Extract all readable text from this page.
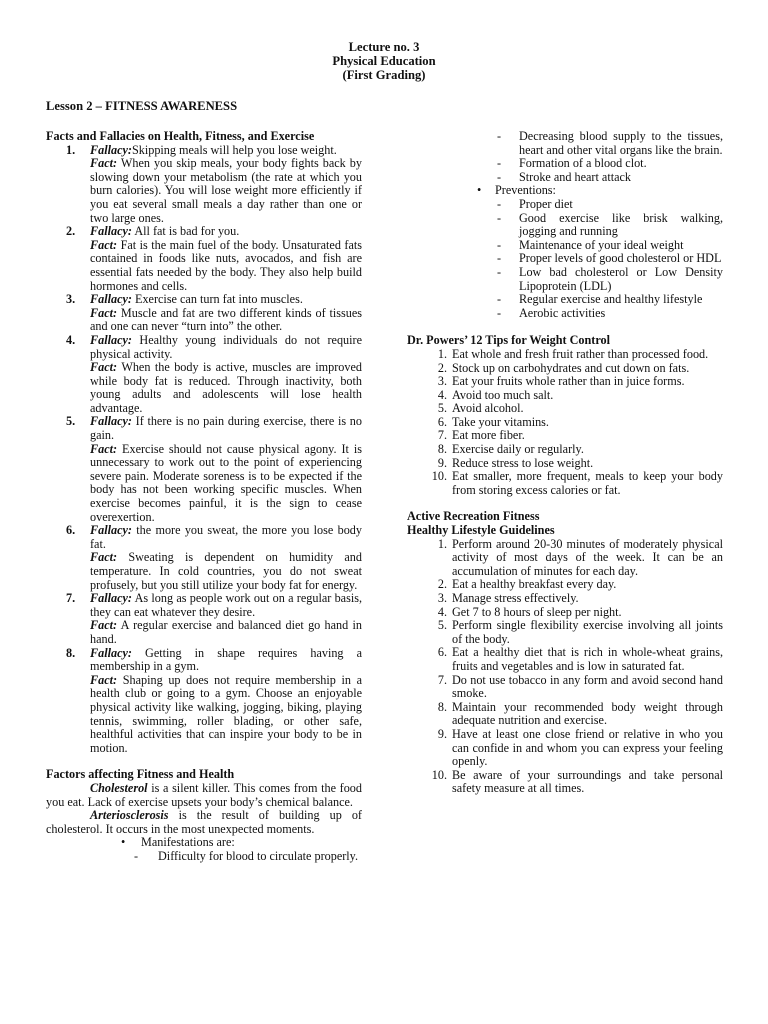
Lecture no. 3
Physical Education
(First Grading)
Lesson 2 – FITNESS AWARENESS
Facts and Fallacies on Health, Fitness, and Exercise
1. Fallacy:Skipping meals will help you lose weight.
Fact: When you skip meals, your body fights back by slowing down your metabolism (the rate at which you burn calories). You will lose weight more efficiently if you eat several small meals a day rather than one or two large ones.
2. Fallacy: All fat is bad for you.
Fact: Fat is the main fuel of the body. Unsaturated fats contained in foods like nuts, avocados, and fish are essential fats needed by the body. They also help build hormones and cells.
3. Fallacy: Exercise can turn fat into muscles.
Fact: Muscle and fat are two different kinds of tissues and one can never “turn into” the other.
4. Fallacy: Healthy young individuals do not require physical activity.
Fact: When the body is active, muscles are improved while body fat is reduced. Through inactivity, both young adults and adolescents will lose health advantage.
5. Fallacy: If there is no pain during exercise, there is no gain.
Fact: Exercise should not cause physical agony. It is unnecessary to work out to the point of experiencing severe pain. Moderate soreness is to be expected if the body has not been working specific muscles. When exercise becomes painful, it is the sign to cease overexertion.
6. Fallacy: the more you sweat, the more you lose body fat.
Fact: Sweating is dependent on humidity and temperature. In cold countries, you do not sweat profusely, but you still utilize your body fat for energy.
7. Fallacy: As long as people work out on a regular basis, they can eat whatever they desire.
Fact: A regular exercise and balanced diet go hand in hand.
8. Fallacy: Getting in shape requires having a membership in a gym.
Fact: Shaping up does not require membership in a health club or going to a gym. Choose an enjoyable physical activity like walking, jogging, biking, playing tennis, swimming, roller blading, or other safe, healthful activities that can inspire your body to be in motion.
Factors affecting Fitness and Health
Cholesterol is a silent killer. This comes from the food you eat. Lack of exercise upsets your body’s chemical balance.
Arteriosclerosis is the result of building up of cholesterol. It occurs in the most unexpected moments.
• Manifestations are:
- Difficulty for blood to circulate properly.
- Decreasing blood supply to the tissues, heart and other vital organs like the brain.
- Formation of a blood clot.
- Stroke and heart attack
• Preventions:
- Proper diet
- Good exercise like brisk walking, jogging and running
- Maintenance of your ideal weight
- Proper levels of good cholesterol or HDL
- Low bad cholesterol or Low Density Lipoprotein (LDL)
- Regular exercise and healthy lifestyle
- Aerobic activities
Dr. Powers’ 12 Tips for Weight Control
1. Eat whole and fresh fruit rather than processed food.
2. Stock up on carbohydrates and cut down on fats.
3. Eat your fruits whole rather than in juice forms.
4. Avoid too much salt.
5. Avoid alcohol.
6. Take your vitamins.
7. Eat more fiber.
8. Exercise daily or regularly.
9. Reduce stress to lose weight.
10. Eat smaller, more frequent, meals to keep your body from storing excess calories or fat.
Active Recreation Fitness
Healthy Lifestyle Guidelines
1. Perform around 20-30 minutes of moderately physical activity of most days of the week. It can be an accumulation of minutes for each day.
2. Eat a healthy breakfast every day.
3. Manage stress effectively.
4. Get 7 to 8 hours of sleep per night.
5. Perform single flexibility exercise involving all joints of the body.
6. Eat a healthy diet that is rich in whole-wheat grains, fruits and vegetables and is low in saturated fat.
7. Do not use tobacco in any form and avoid second hand smoke.
8. Maintain your recommended body weight through adequate nutrition and exercise.
9. Have at least one close friend or relative in who you can confide in and whom you can express your feeling openly.
10. Be aware of your surroundings and take personal safety measure at all times.
